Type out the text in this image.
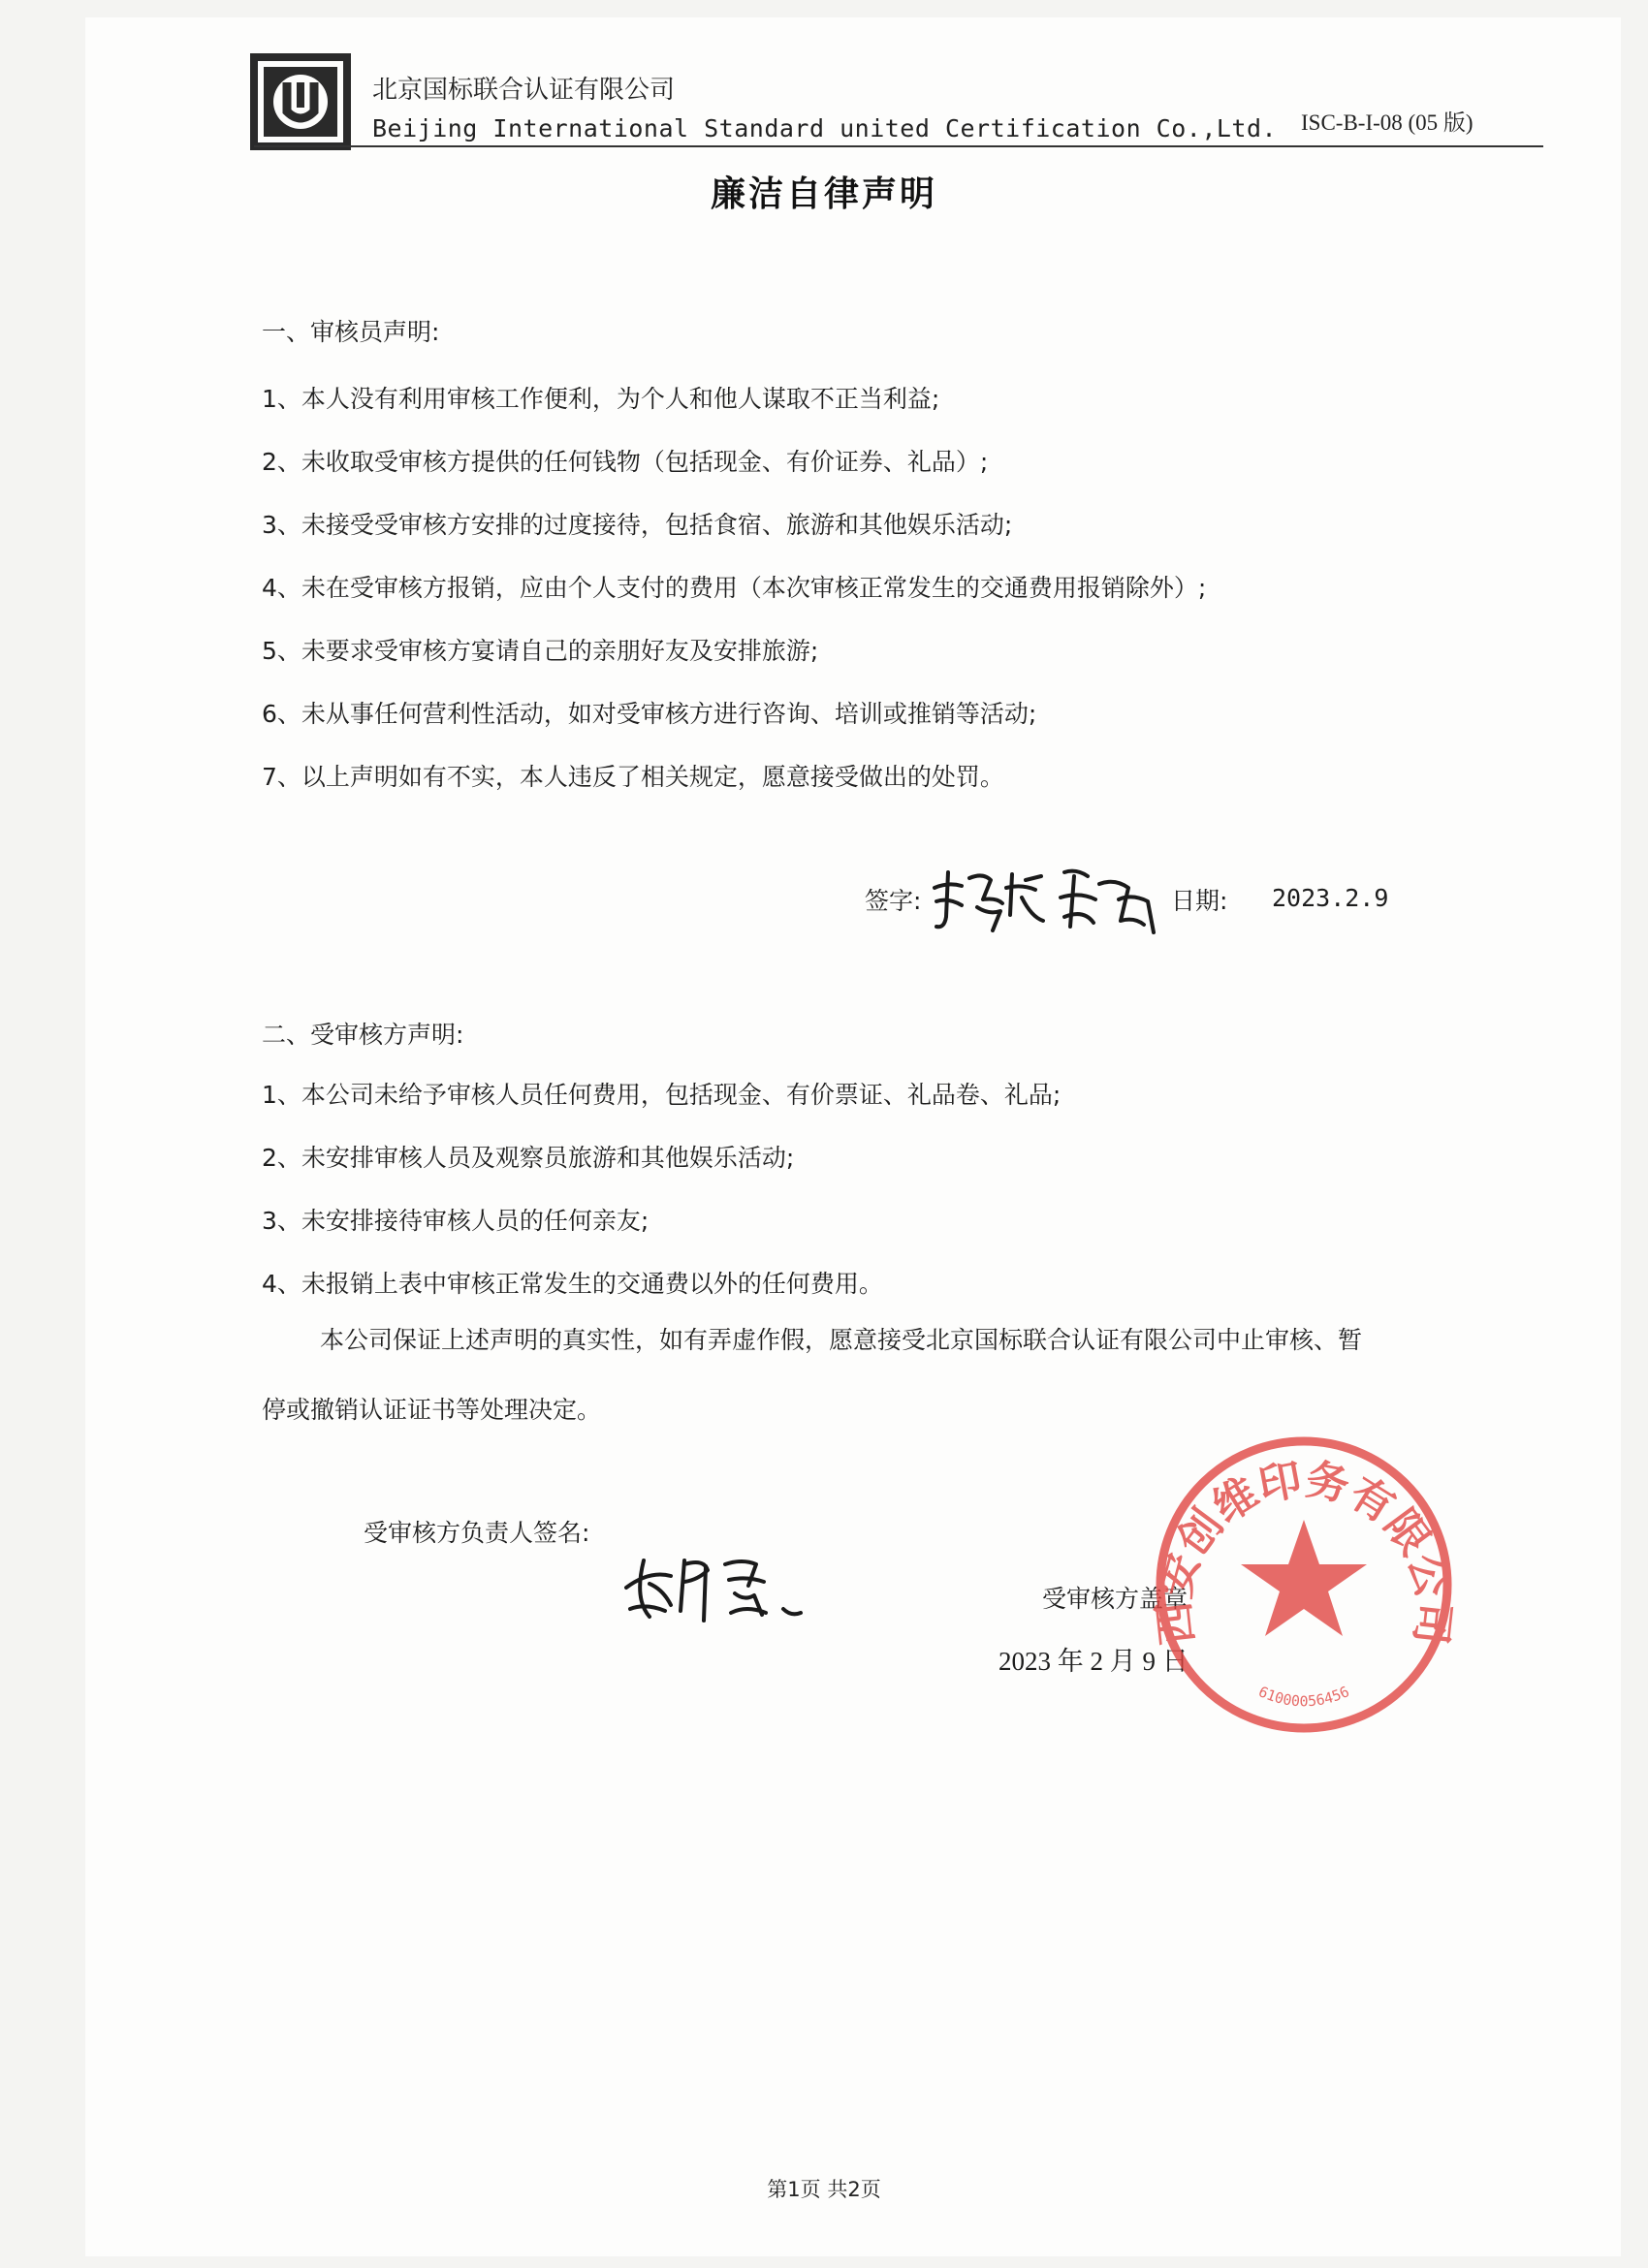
北京国标联合认证有限公司
Beijing International Standard united Certification Co.,Ltd. ISC-B-I-08 (05 版)
廉洁自律声明
一、审核员声明:
1、本人没有利用审核工作便利，为个人和他人谋取不正当利益;
2、未收取受审核方提供的任何钱物（包括现金、有价证券、礼品）;
3、未接受受审核方安排的过度接待，包括食宿、旅游和其他娱乐活动;
4、未在受审核方报销，应由个人支付的费用（本次审核正常发生的交通费用报销除外）;
5、未要求受审核方宴请自己的亲朋好友及安排旅游;
6、未从事任何营利性活动，如对受审核方进行咨询、培训或推销等活动;
7、以上声明如有不实，本人违反了相关规定，愿意接受做出的处罚。
签字:	日期: 2023.2.9
二、受审核方声明:
1、本公司未给予审核人员任何费用，包括现金、有价票证、礼品卷、礼品;
2、未安排审核人员及观察员旅游和其他娱乐活动;
3、未安排接待审核人员的任何亲友;
4、未报销上表中审核正常发生的交通费以外的任何费用。
本公司保证上述声明的真实性，如有弄虚作假，愿意接受北京国标联合认证有限公司中止审核、暂
停或撤销认证证书等处理决定。
受审核方负责人签名:
受审核方盖章
2023 年 2 月 9 日
西安创维印务有限公司
61000056456
第1页 共2页
